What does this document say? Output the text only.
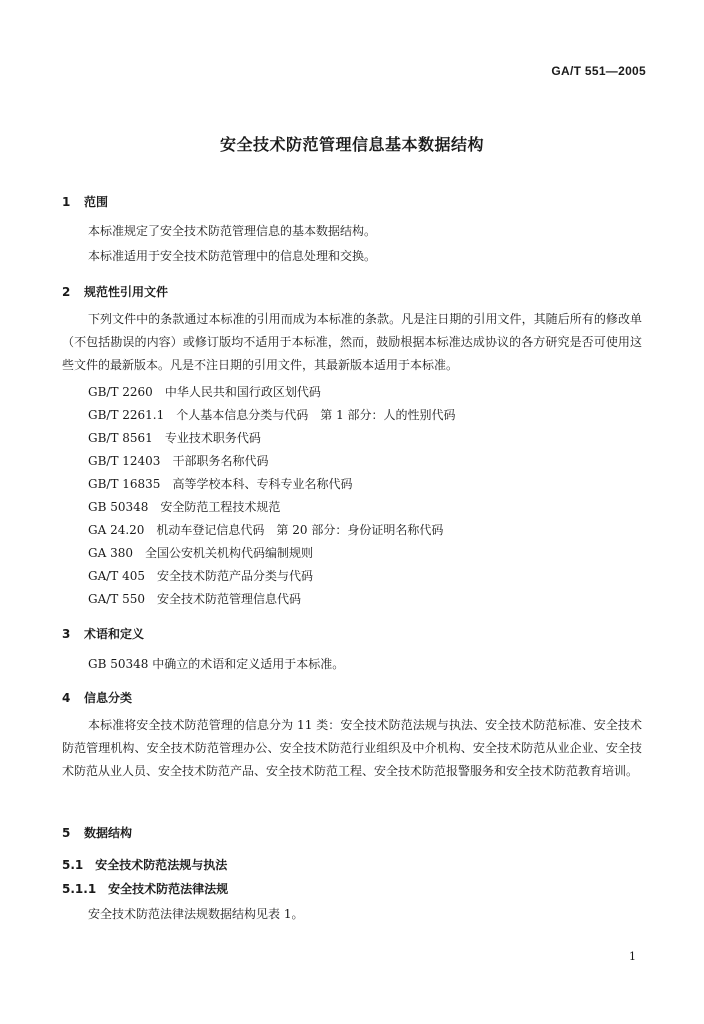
GA/T 551—2005
安全技术防范管理信息基本数据结构
1 范围
本标准规定了安全技术防范管理信息的基本数据结构。
本标准适用于安全技术防范管理中的信息处理和交换。
2 规范性引用文件
下列文件中的条款通过本标准的引用而成为本标准的条款。凡是注日期的引用文件，其随后所有的修改单（不包括勘误的内容）或修订版均不适用于本标准，然而，鼓励根据本标准达成协议的各方研究是否可使用这些文件的最新版本。凡是不注日期的引用文件，其最新版本适用于本标准。
GB/T 2260 中华人民共和国行政区划代码
GB/T 2261.1 个人基本信息分类与代码　第 1 部分：人的性别代码
GB/T 8561 专业技术职务代码
GB/T 12403 干部职务名称代码
GB/T 16835 高等学校本科、专科专业名称代码
GB 50348 安全防范工程技术规范
GA 24.20 机动车登记信息代码　第 20 部分：身份证明名称代码
GA 380 全国公安机关机构代码编制规则
GA/T 405 安全技术防范产品分类与代码
GA/T 550 安全技术防范管理信息代码
3 术语和定义
GB 50348 中确立的术语和定义适用于本标准。
4 信息分类
本标准将安全技术防范管理的信息分为 11 类：安全技术防范法规与执法、安全技术防范标准、安全技术防范管理机构、安全技术防范管理办公、安全技术防范行业组织及中介机构、安全技术防范从业企业、安全技术防范从业人员、安全技术防范产品、安全技术防范工程、安全技术防范报警服务和安全技术防范教育培训。
5 数据结构
5.1 安全技术防范法规与执法
5.1.1 安全技术防范法律法规
安全技术防范法律法规数据结构见表 1。
1
